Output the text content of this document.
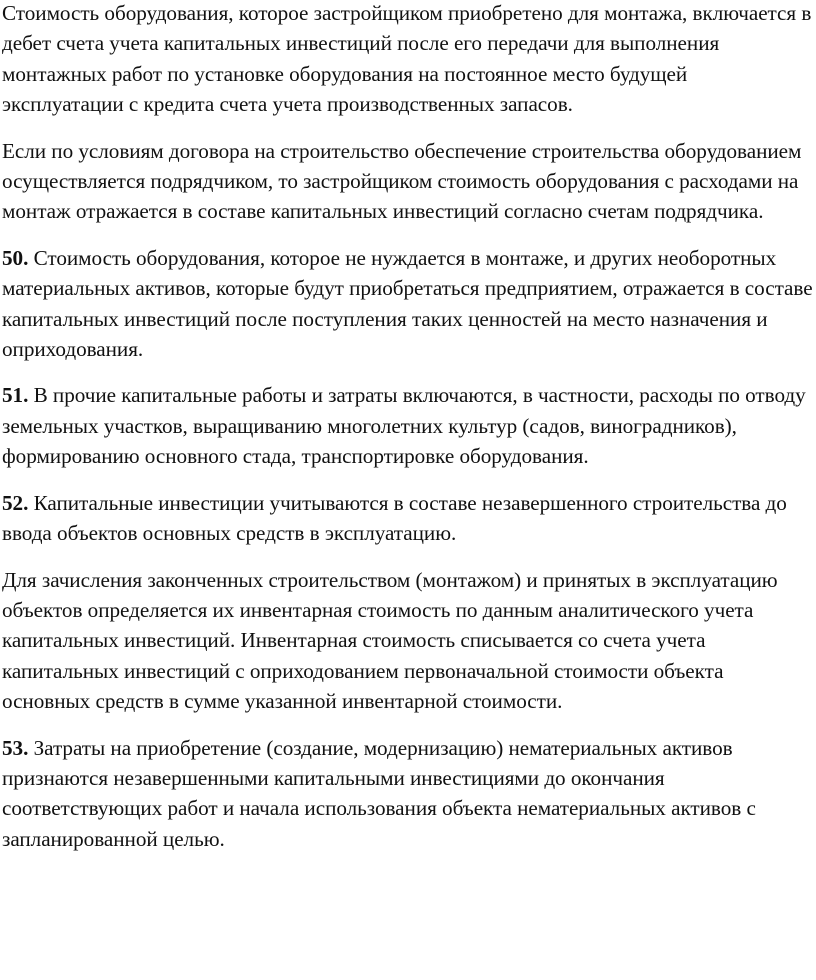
Стоимость оборудования, которое застройщиком приобретено для монтажа, включается в дебет счета учета капитальных инвестиций после его передачи для выполнения монтажных работ по установке оборудования на постоянное место будущей эксплуатации с кредита счета учета производственных запасов.

Если по условиям договора на строительство обеспечение строительства оборудованием осуществляется подрядчиком, то застройщиком стоимость оборудования с расходами на монтаж отражается в составе капитальных инвестиций согласно счетам подрядчика.

50. Стоимость оборудования, которое не нуждается в монтаже, и других необоротных материальных активов, которые будут приобретаться предприятием, отражается в составе капитальных инвестиций после поступления таких ценностей на место назначения и оприходования.

51. В прочие капитальные работы и затраты включаются, в частности, расходы по отводу земельных участков, выращиванию многолетних культур (садов, виноградников), формированию основного стада, транспортировке оборудования.

52. Капитальные инвестиции учитываются в составе незавершенного строительства до ввода объектов основных средств в эксплуатацию.

Для зачисления законченных строительством (монтажом) и принятых в эксплуатацию объектов определяется их инвентарная стоимость по данным аналитического учета капитальных инвестиций. Инвентарная стоимость списывается со счета учета капитальных инвестиций с оприходованием первоначальной стоимости объекта основных средств в сумме указанной инвентарной стоимости.

53. Затраты на приобретение (создание, модернизацию) нематериальных активов признаются незавершенными капитальными инвестициями до окончания соответствующих работ и начала использования объекта нематериальных активов с запланированной целью.
